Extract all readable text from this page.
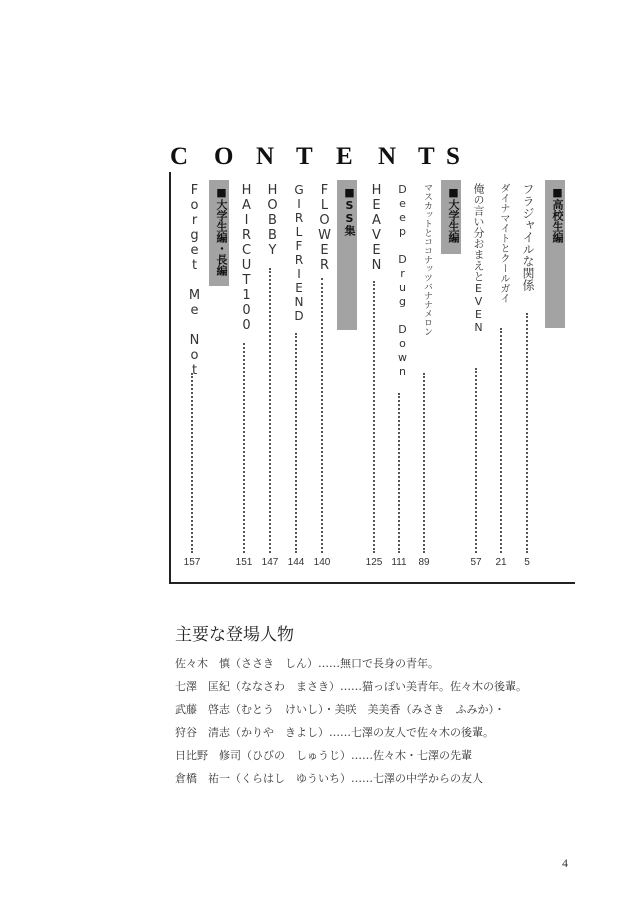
C O N T E N T S
■高校生編
■大学生編
■SS集
■大学生編・長編	フラジャイルな関係
5
ダイナマイトとクールガイ
21
俺の言い分おまえとEVEN
57
マスカットとココナッツバナナメロン
89
Deep Drug Down
111
HEAVEN
125
FLOWER
140
GIRLFRIEND
144
HOBBY
147
HAIRCUT100
151
Forget Me Not
157
主要な登場人物
佐々木　慎（ささき　しん）……無口で長身の青年。
七澤　匡紀（ななさわ　まさき）……猫っぽい美青年。佐々木の後輩。
武藤　啓志（むとう　けいし）・美咲　美美香（みさき　ふみか）・
狩谷　清志（かりや　きよし）……七澤の友人で佐々木の後輩。
日比野　修司（ひびの　しゅうじ）……佐々木・七澤の先輩
倉橋　祐一（くらはし　ゆういち）……七澤の中学からの友人
4
